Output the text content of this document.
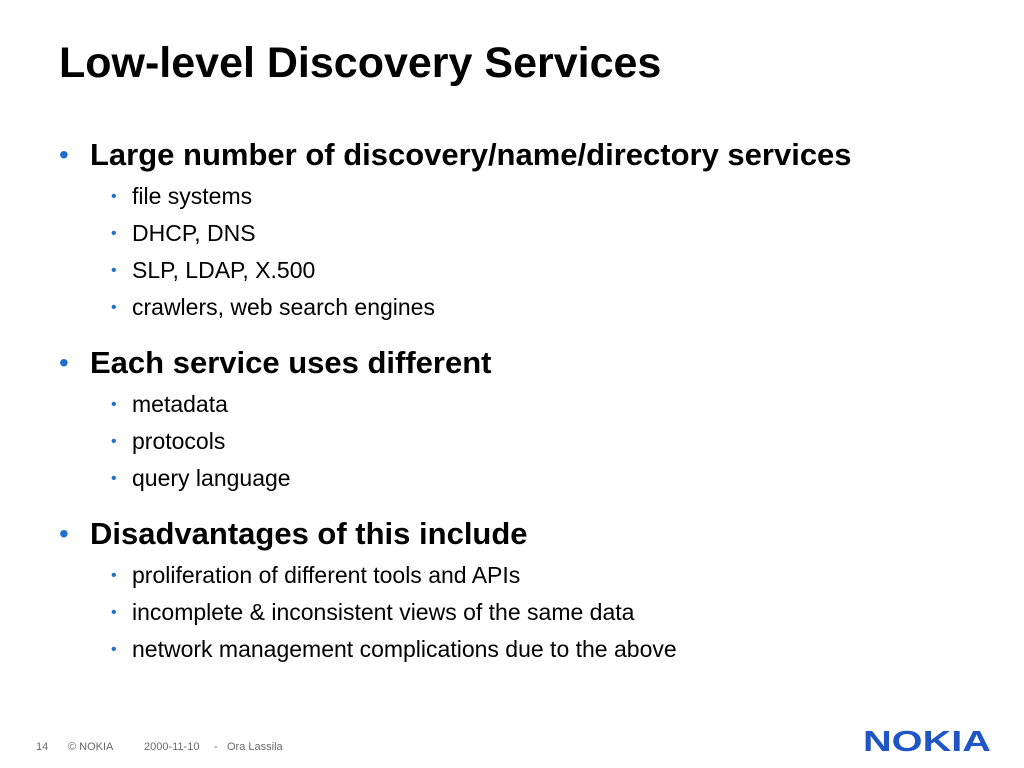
Low-level Discovery Services
• Large number of discovery/name/directory services
• file systems
• DHCP, DNS
• SLP, LDAP, X.500
• crawlers, web search engines
• Each service uses different
• metadata
• protocols
• query language
• Disadvantages of this include
• proliferation of different tools and APIs
• incomplete & inconsistent views of the same data
• network management complications due to the above
14 © NOKIA	2000-11-10 - Ora Lassila	NOKIA
